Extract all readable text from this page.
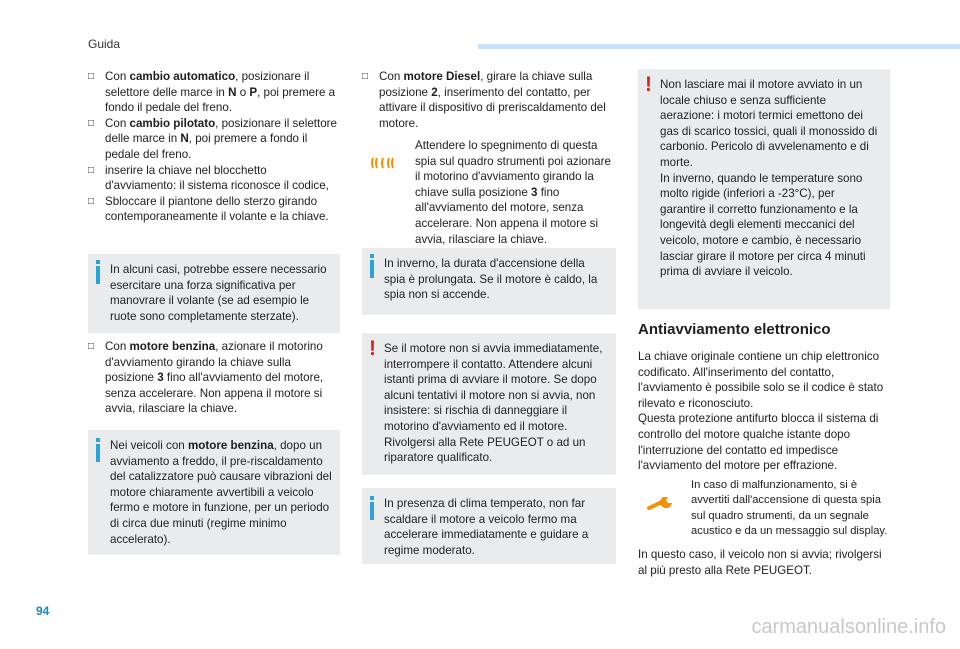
Guida
□ Con cambio automatico, posizionare il selettore delle marce in N o P, poi premere a fondo il pedale del freno.
□ Con cambio pilotato, posizionare il selettore delle marce in N, poi premere a fondo il pedale del freno.
□ inserire la chiave nel blocchetto d'avviamento: il sistema riconosce il codice,
□ Sbloccare il piantone dello sterzo girando contemporaneamente il volante e la chiave.
In alcuni casi, potrebbe essere necessario esercitare una forza significativa per manovrare il volante (se ad esempio le ruote sono completamente sterzate).
□ Con motore benzina, azionare il motorino d'avviamento girando la chiave sulla posizione 3 fino all'avviamento del motore, senza accelerare. Non appena il motore si avvia, rilasciare la chiave.
Nei veicoli con motore benzina, dopo un avviamento a freddo, il pre-riscaldamento del catalizzatore può causare vibrazioni del motore chiaramente avvertibili a veicolo fermo e motore in funzione, per un periodo di circa due minuti (regime minimo accelerato).
□ Con motore Diesel, girare la chiave sulla posizione 2, inserimento del contatto, per attivare il dispositivo di preriscaldamento del motore.
Attendere lo spegnimento di questa spia sul quadro strumenti poi azionare il motorino d'avviamento girando la chiave sulla posizione 3 fino all'avviamento del motore, senza accelerare. Non appena il motore si avvia, rilasciare la chiave.
In inverno, la durata d'accensione della spia è prolungata. Se il motore è caldo, la spia non si accende.
! Se il motore non si avvia immediatamente, interrompere il contatto. Attendere alcuni istanti prima di avviare il motore. Se dopo alcuni tentativi il motore non si avvia, non insistere: si rischia di danneggiare il motorino d'avviamento ed il motore. Rivolgersi alla Rete PEUGEOT o ad un riparatore qualificato.
In presenza di clima temperato, non far scaldare il motore a veicolo fermo ma accelerare immediatamente e guidare a regime moderato.
! Non lasciare mai il motore avviato in un locale chiuso e senza sufficiente aerazione: i motori termici emettono dei gas di scarico tossici, quali il monossido di carbonio. Pericolo di avvelenamento e di morte.
In inverno, quando le temperature sono molto rigide (inferiori a -23°C), per garantire il corretto funzionamento e la longevità degli elementi meccanici del veicolo, motore e cambio, è necessario lasciar girare il motore per circa 4 minuti prima di avviare il veicolo.
Antiavviamento elettronico
La chiave originale contiene un chip elettronico codificato. All'inserimento del contatto, l'avviamento è possibile solo se il codice è stato rilevato e riconosciuto.
Questa protezione antifurto blocca il sistema di controllo del motore qualche istante dopo l'interruzione del contatto ed impedisce l'avviamento del motore per effrazione.
In caso di malfunzionamento, si è avvertiti dall'accensione di questa spia sul quadro strumenti, da un segnale acustico e da un messaggio sul display.
In questo caso, il veicolo non si avvia; rivolgersi al più presto alla Rete PEUGEOT.
94
carmanualsonline.info
